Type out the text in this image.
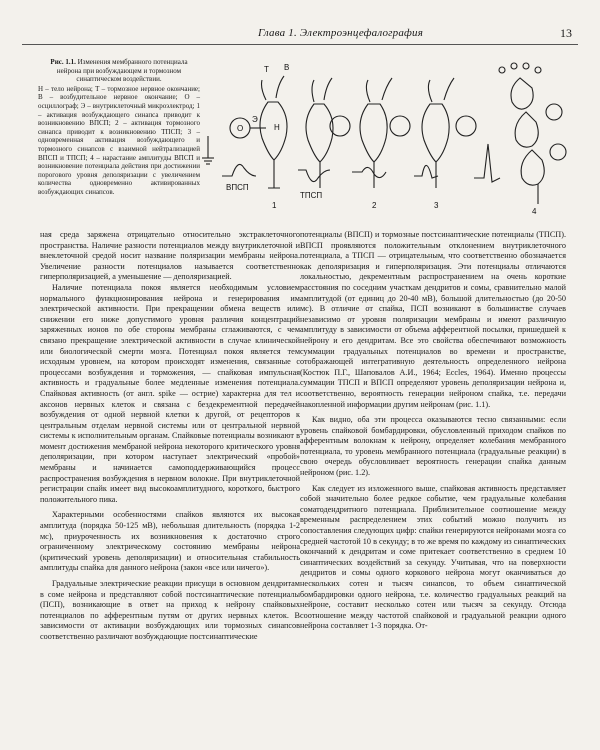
Глава 1. Электроэнцефалография	13
Рис. 1.1. Изменения мембранного потенциала нейрона при возбуждающем и тормозном синаптическом воздействии.
Н – тело нейрона; Т – тормозное нервное окончание; В – возбудительное нервное окончание; О – осциллограф; Э – внутриклеточный микроэлектрод; 1 – активация возбуждающего синапса приводит к возникновению ВПСП; 2 – активация тормозного синапса приводит к возникновению ТПСП; 3 – одновременная активация возбуждающего и тормозного синапсов с взаимной нейтрализацией ВПСП и ТПСП; 4 – нарастание амплитуды ВПСП и возникновение потенциала действия при достижении порогового уровня деполяризации с увеличением количества одновременно активированных возбуждающих синапсов.
Т В
Н
Э
О
ВПСП
ТПСП
1	2	3
4

ная среда заряжена отрицательно относительно экстраклеточного пространства. Наличие разности потенциалов между внутриклеточной и внеклеточной средой носит название поляризации мембраны нейрона. Увеличение разности потенциалов называется соответственно гиперполяризацией, а уменьшение — деполяризацией.

Наличие потенциала покоя является необходимым условием нормального функционирования нейрона и генерирования им электрической активности. При прекращении обмена веществ или снижении его ниже допустимого уровня различия концентраций заряженных ионов по обе стороны мембраны сглаживаются, с чем связано прекращение электрической активности в случае клинической или биологической смерти мозга. Потенциал покоя является тем исходным уровнем, на котором происходят изменения, связанные с процессами возбуждения и торможения, — спайковая импульсная активность и градуальные более медленные изменения потенциала. Спайковая активность (от англ. spike — острие) характерна для тел и аксонов нервных клеток и связана с бездекрементной передачей возбуждения от одной нервной клетки к другой, от рецепторов к центральным отделам нервной системы или от центральной нервной системы к исполнительным органам. Спайковые потенциалы возникают в момент достижения мембраной нейрона некоторого критического уровня деполяризации, при котором наступает электрический «пробой» мембраны и начинается самоподдерживающийся процесс распространения возбуждения в нервном волокне. При внутриклеточной регистрации спайк имеет вид высокоамплитудного, короткого, быстрого положительного пика.

Характерными особенностями спайков являются их высокая амплитуда (порядка 50-125 мВ), небольшая длительность (порядка 1-2 мс), приуроченность их возникновения к достаточно строго ограниченному электрическому состоянию мембраны нейрона (критический уровень деполяризации) и относительная стабильность амплитуды спайка для данного нейрона (закон «все или ничего»).

Градуальные электрические реакции присущи в основном дендритам в соме нейрона и представляют собой постсинаптические потенциалы (ПСП), возникающие в ответ на приход к нейрону спайковых потенциалов по афферентным путям от других нервных клеток. В зависимости от активации возбуждающих или тормозных синапсов соответственно различают возбуждающие постсинаптические

потенциалы (ВПСП) и тормозные постсинаптические потенциалы (ТПСП). ВПСП проявляются положительным отклонением внутриклеточного потенциала, а ТПСП — отрицательным, что соответственно обозначается как деполяризация и гиперполяризация. Эти потенциалы отличаются локальностью, декрементным распространением на очень короткие расстояния по соседним участкам дендритов и сомы, сравнительно малой амплитудой (от единиц до 20-40 мВ), большой длительностью (до 20-50 мс). В отличие от спайка, ПСП возникают в большинстве случаев независимо от уровня поляризации мембраны и имеют различную амплитуду в зависимости от объема афферентной посылки, пришедшей к нейрону и его дендритам. Все это свойства обеспечивают возможность суммации градуальных потенциалов во времени и пространстве, отображающей интегративную деятельность определенного нейрона (Костюк П.Г., Шаповалов А.И., 1964; Eccles, 1964). Именно процессы суммации ТПСП и ВПСП определяют уровень деполяризации нейрона и, соответственно, вероятность генерации нейроном спайка, т.е. передачи накопленной информации другим нейронам (рис. 1.1).

Как видно, оба эти процесса оказываются тесно связанными: если уровень спайковой бомбардировки, обусловленный приходом спайков по афферентным волокнам к нейрону, определяет колебания мембранного потенциала, то уровень мембранного потенциала (градуальные реакции) в свою очередь обусловливает вероятность генерации спайка данным нейроном (рис. 1.2).

Как следует из изложенного выше, спайковая активность представляет собой значительно более редкое событие, чем градуальные колебания соматодендритного потенциала. Приблизительное соотношение между временным распределением этих событий можно получить из сопоставления следующих цифр: спайки генерируются нейронами мозга со средней частотой 10 в секунду; в то же время по каждому из синаптических окончаний к дендритам и соме притекает соответственно в среднем 10 синаптических воздействий за секунду. Учитывая, что на поверхности дендритов и сомы одного коркового нейрона могут оканчиваться до нескольких сотен и тысяч синапсов, то объем синаптической бомбардировки одного нейрона, т.е. количество градуальных реакций на нейроне, составит несколько сотен или тысяч за секунду. Отсюда соотношение между частотой спайковой и градуальной реакции одного нейрона составляет 1-3 порядка. От-
